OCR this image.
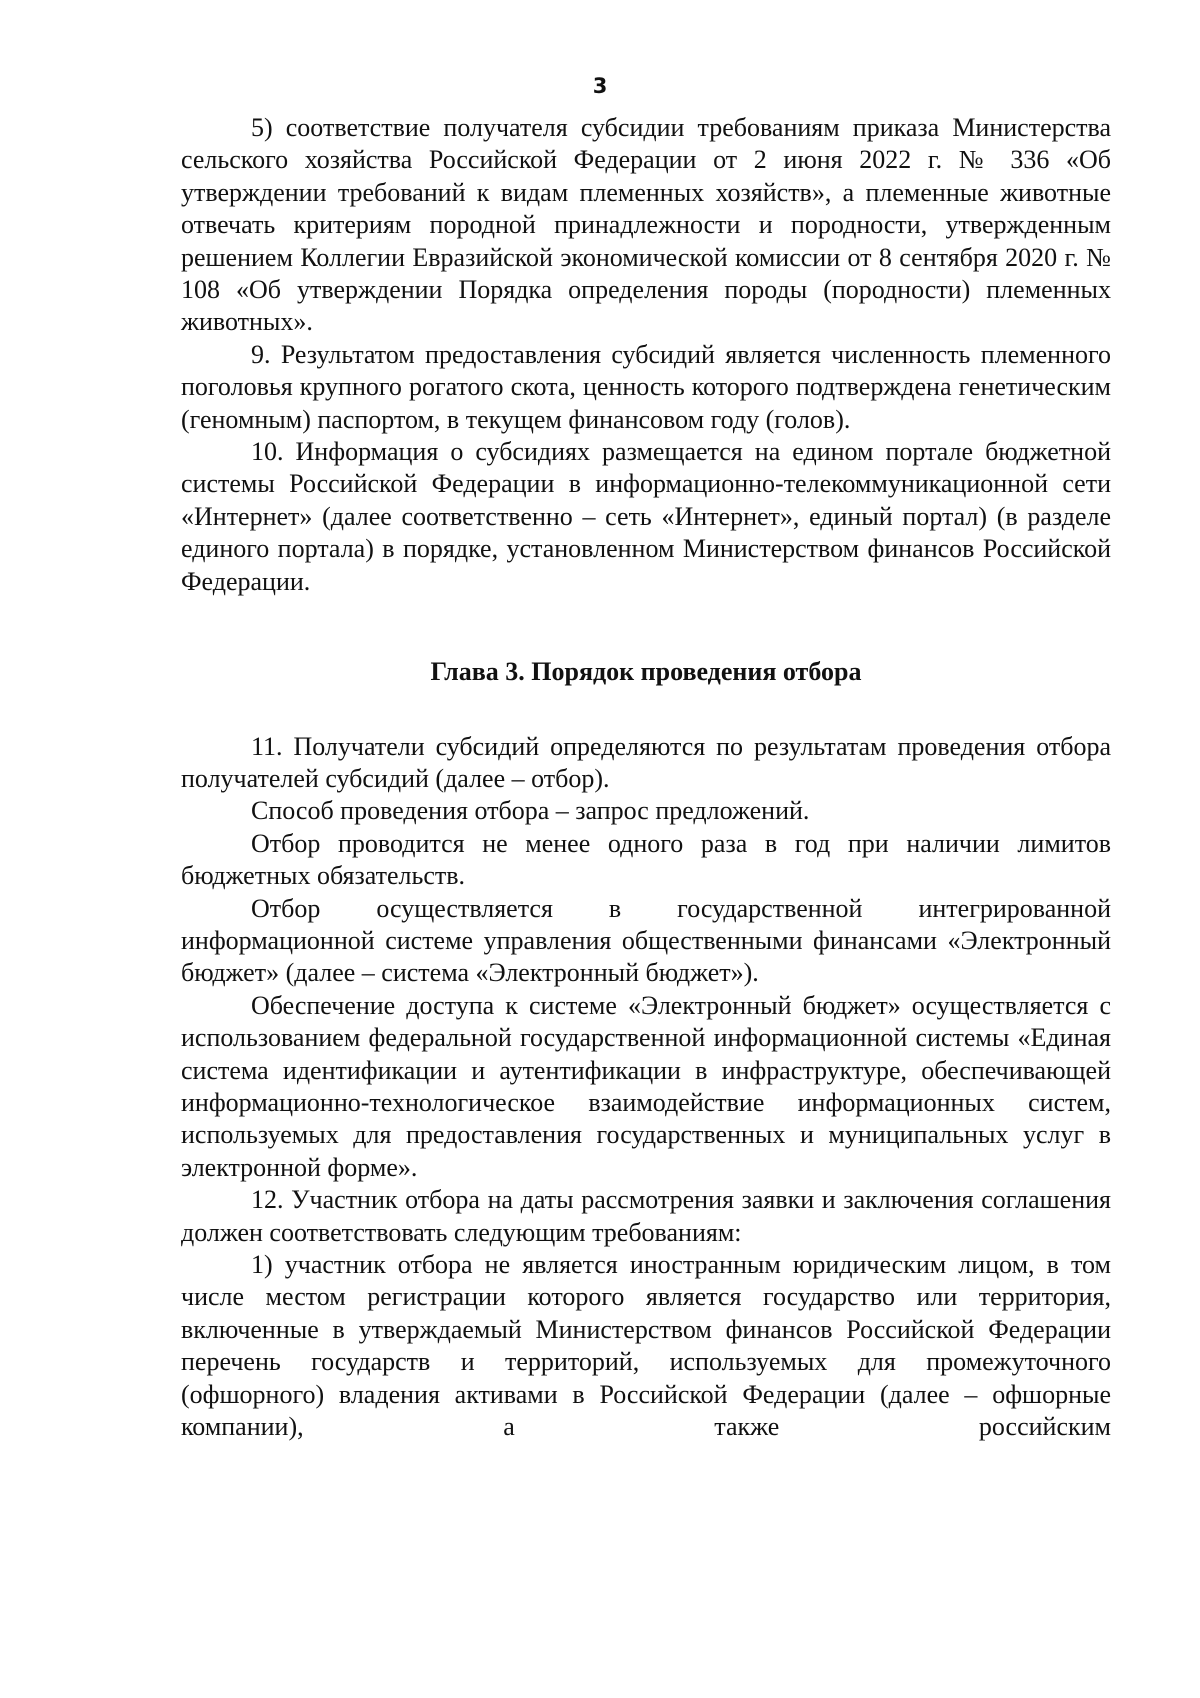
3

5) соответствие получателя субсидии требованиям приказа Министерства сельского хозяйства Российской Федерации от 2 июня 2022 г. № 336 «Об утверждении требований к видам племенных хозяйств», а племенные животные отвечать критериям породной принадлежности и породности, утвержденным решением Коллегии Евразийской экономической комиссии от 8 сентября 2020 г. № 108 «Об утверждении Порядка определения породы (породности) племенных животных».

9. Результатом предоставления субсидий является численность племенного поголовья крупного рогатого скота, ценность которого подтверждена генетическим (геномным) паспортом, в текущем финансовом году (голов).

10. Информация о субсидиях размещается на едином портале бюджетной системы Российской Федерации в информационно-телекоммуникационной сети «Интернет» (далее соответственно – сеть «Интернет», единый портал) (в разделе единого портала) в порядке, установленном Министерством финансов Российской Федерации.

Глава 3. Порядок проведения отбора

11. Получатели субсидий определяются по результатам проведения отбора получателей субсидий (далее – отбор).

Способ проведения отбора – запрос предложений.

Отбор проводится не менее одного раза в год при наличии лимитов бюджетных обязательств.

Отбор осуществляется в государственной интегрированной информационной системе управления общественными финансами «Электронный бюджет» (далее – система «Электронный бюджет»).

Обеспечение доступа к системе «Электронный бюджет» осуществляется с использованием федеральной государственной информационной системы «Единая система идентификации и аутентификации в инфраструктуре, обеспечивающей информационно-технологическое взаимодействие информационных систем, используемых для предоставления государственных и муниципальных услуг в электронной форме».

12. Участник отбора на даты рассмотрения заявки и заключения соглашения должен соответствовать следующим требованиям:

1) участник отбора не является иностранным юридическим лицом, в том числе местом регистрации которого является государство или территория, включенные в утверждаемый Министерством финансов Российской Федерации перечень государств и территорий, используемых для промежуточного (офшорного) владения активами в Российской Федерации (далее – офшорные компании), а также российским
